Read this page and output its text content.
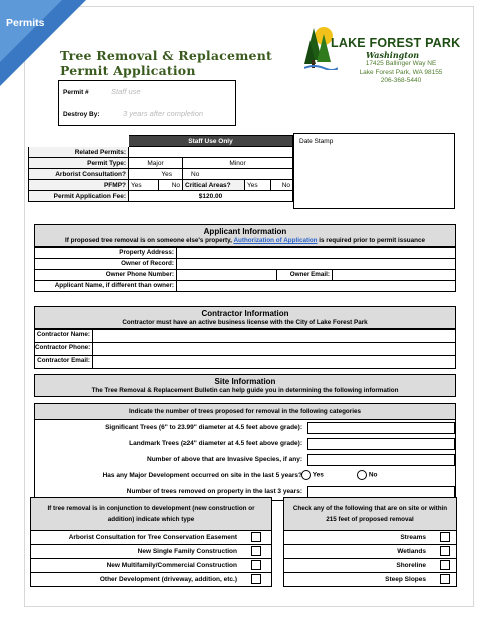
Permits
Tree Removal & Replacement
Permit Application
LAKE FOREST PARK
Washington
17425 Ballinger Way NE
Lake Forest Park, WA 98155
206-368-5440
Permit #	Staff use
Destroy By:	3 years after completion
	Staff Use Only				
Related Permits:					
Permit Type:	Major		Minor		
Arborist Consultation?	Yes		No		
PFMP?	Yes	No	Critical Areas?	Yes	No
Permit Application Fee:	$120.00				
Date Stamp
Applicant Information
If proposed tree removal is on someone else's property, Authorization of Application is required prior to permit issuance
Property Address:
Owner of Record:
Owner Phone Number:	Owner Email:
Applicant Name, if different than owner:
Contractor Information
Contractor must have an active business license with the City of Lake Forest Park
Contractor Name:
Contractor Phone:
Contractor Email:
Site Information
The Tree Removal & Replacement Bulletin can help guide you in determining the following information
Indicate the number of trees proposed for removal in the following categories
Significant Trees (6" to 23.99" diameter at 4.5 feet above grade):
Landmark Trees (≥24" diameter at 4.5 feet above grade):
Number of above that are Invasive Species, if any:
Has any Major Development occurred on site in the last 5 years?	Yes	No
Number of trees removed on property in the last 3 years:
If tree removal is in conjunction to development (new construction or addition) indicate which type
Arborist Consultation for Tree Conservation Easement
New Single Family Construction
New Multifamily/Commercial Construction
Other Development (driveway, addition, etc.)
Check any of the following that are on site or within 215 feet of proposed removal
Streams
Wetlands
Shoreline
Steep Slopes
